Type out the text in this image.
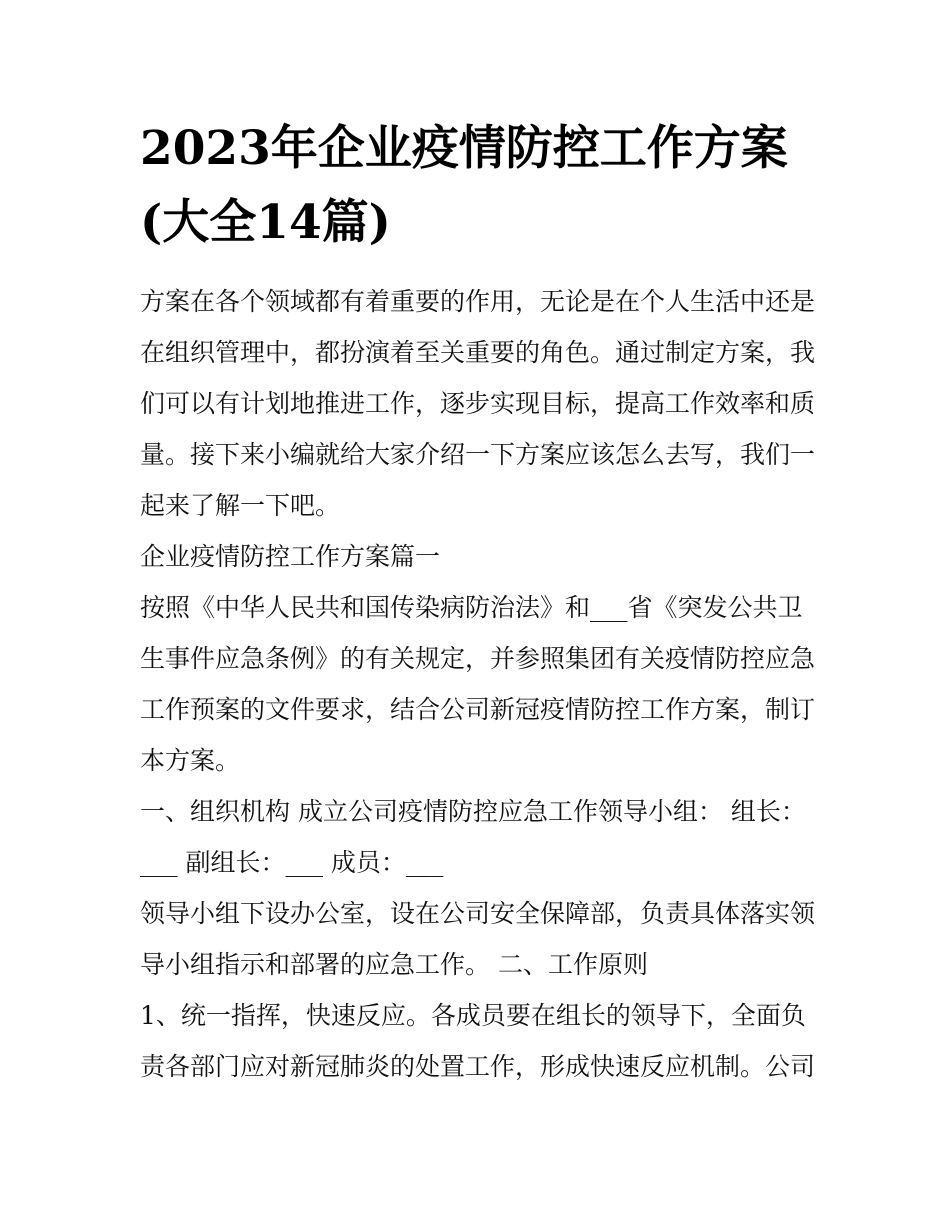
2023年企业疫情防控工作方案
(大全14篇)
方案在各个领域都有着重要的作用，无论是在个人生活中还是
在组织管理中，都扮演着至关重要的角色。通过制定方案，我
们可以有计划地推进工作，逐步实现目标，提高工作效率和质
量。接下来小编就给大家介绍一下方案应该怎么去写，我们一
起来了解一下吧。
企业疫情防控工作方案篇一
按照《中华人民共和国传染病防治法》和___省《突发公共卫
生事件应急条例》的有关规定，并参照集团有关疫情防控应急
工作预案的文件要求，结合公司新冠疫情防控工作方案，制订
本方案。
一、组织机构 成立公司疫情防控应急工作领导小组： 组长：
___ 副组长：___ 成员：___
领导小组下设办公室，设在公司安全保障部，负责具体落实领
导小组指示和部署的应急工作。 二、工作原则
1、统一指挥，快速反应。各成员要在组长的领导下，全面负
责各部门应对新冠肺炎的处置工作，形成快速反应机制。公司
